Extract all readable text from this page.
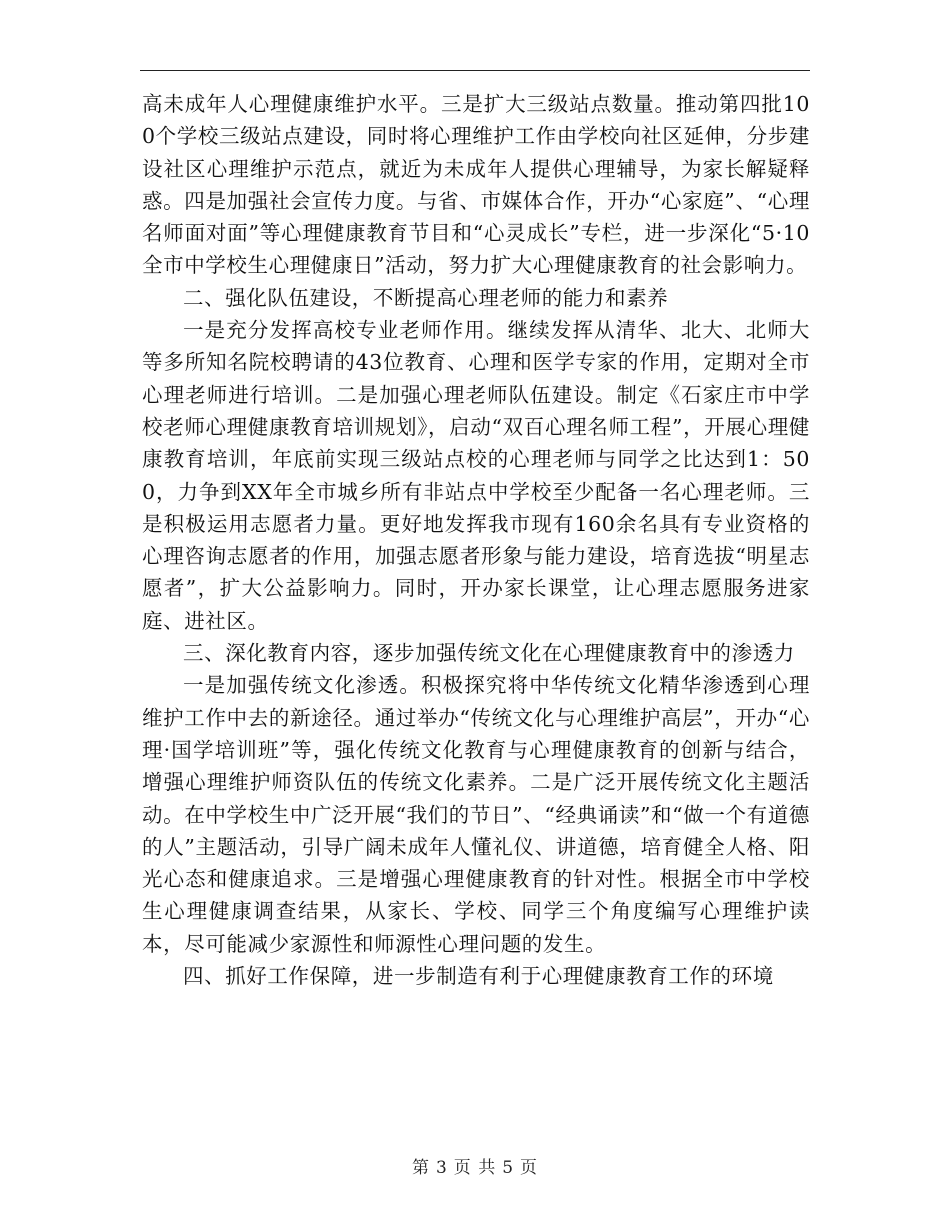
高未成年人心理健康维护水平。三是扩大三级站点数量。推动第四批100个学校三级站点建设，同时将心理维护工作由学校向社区延伸，分步建设社区心理维护示范点，就近为未成年人提供心理辅导，为家长解疑释惑。四是加强社会宣传力度。与省、市媒体合作，开办“心家庭”、“心理名师面对面”等心理健康教育节目和“心灵成长”专栏，进一步深化“5·10全市中学校生心理健康日”活动，努力扩大心理健康教育的社会影响力。

二、强化队伍建设，不断提高心理老师的能力和素养

一是充分发挥高校专业老师作用。继续发挥从清华、北大、北师大等多所知名院校聘请的43位教育、心理和医学专家的作用，定期对全市心理老师进行培训。二是加强心理老师队伍建设。制定《石家庄市中学校老师心理健康教育培训规划》，启动“双百心理名师工程”，开展心理健康教育培训，年底前实现三级站点校的心理老师与同学之比达到1：500，力争到XX年全市城乡所有非站点中学校至少配备一名心理老师。三是积极运用志愿者力量。更好地发挥我市现有160余名具有专业资格的心理咨询志愿者的作用，加强志愿者形象与能力建设，培育选拔“明星志愿者”，扩大公益影响力。同时，开办家长课堂，让心理志愿服务进家庭、进社区。

三、深化教育内容，逐步加强传统文化在心理健康教育中的渗透力

一是加强传统文化渗透。积极探究将中华传统文化精华渗透到心理维护工作中去的新途径。通过举办“传统文化与心理维护高层”，开办“心理·国学培训班”等，强化传统文化教育与心理健康教育的创新与结合，增强心理维护师资队伍的传统文化素养。二是广泛开展传统文化主题活动。在中学校生中广泛开展“我们的节日”、“经典诵读”和“做一个有道德的人”主题活动，引导广阔未成年人懂礼仪、讲道德，培育健全人格、阳光心态和健康追求。三是增强心理健康教育的针对性。根据全市中学校生心理健康调查结果，从家长、学校、同学三个角度编写心理维护读本，尽可能减少家源性和师源性心理问题的发生。

四、抓好工作保障，进一步制造有利于心理健康教育工作的环境

第 3 页 共 5 页
